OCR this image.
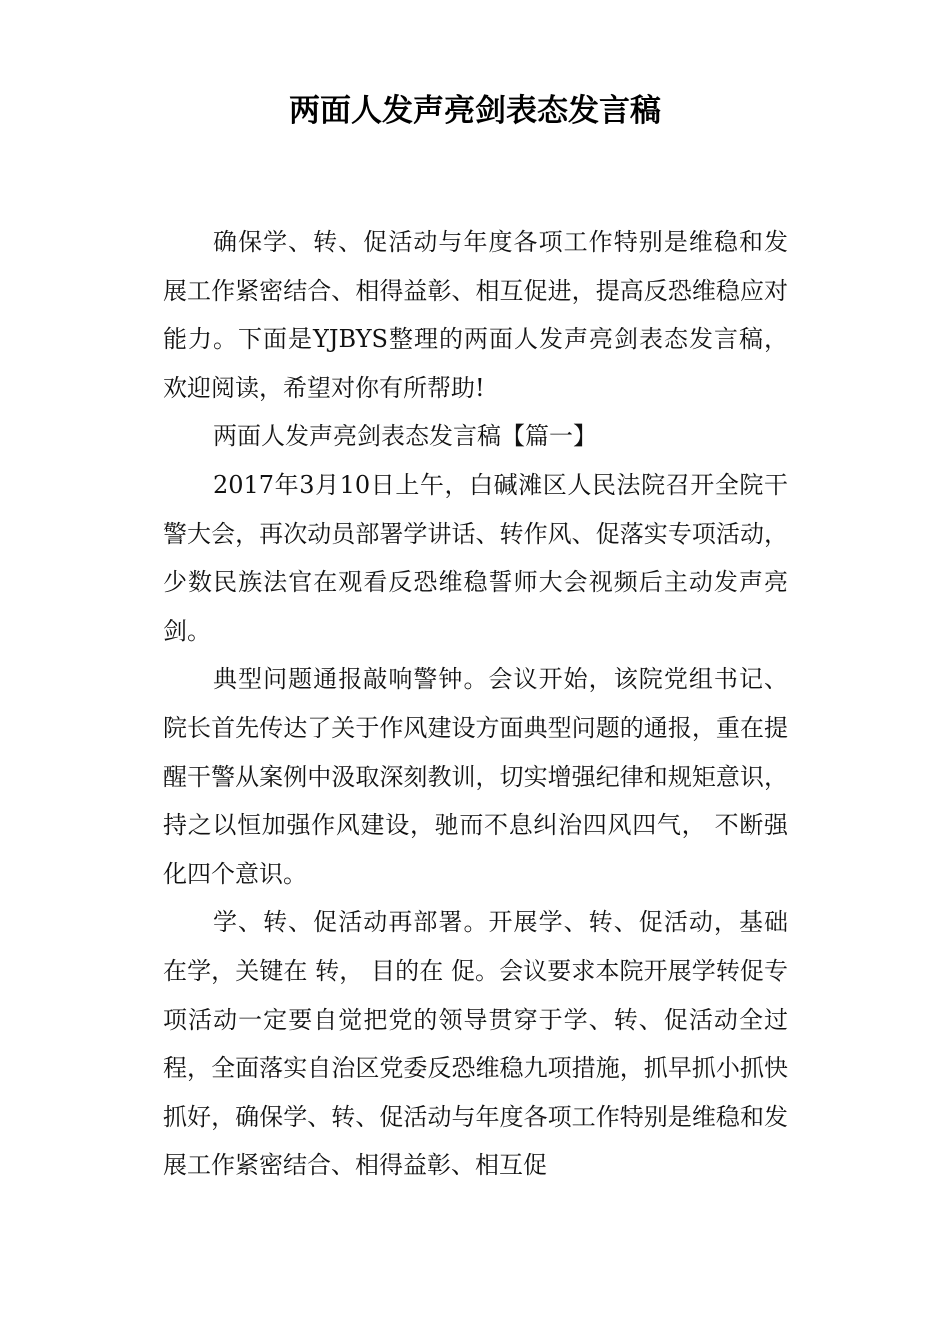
两面人发声亮剑表态发言稿

确保学、转、促活动与年度各项工作特别是维稳和发展工作紧密结合、相得益彰、相互促进，提高反恐维稳应对能力。下面是YJBYS整理的两面人发声亮剑表态发言稿，欢迎阅读，希望对你有所帮助!

两面人发声亮剑表态发言稿【篇一】

2017年3月10日上午，白碱滩区人民法院召开全院干警大会，再次动员部署学讲话、转作风、促落实专项活动，少数民族法官在观看反恐维稳誓师大会视频后主动发声亮剑。

典型问题通报敲响警钟。会议开始，该院党组书记、院长首先传达了关于作风建设方面典型问题的通报，重在提醒干警从案例中汲取深刻教训，切实增强纪律和规矩意识，持之以恒加强作风建设，驰而不息纠治四风四气， 不断强化四个意识。

学、转、促活动再部署。开展学、转、促活动，基础在学，关键在 转， 目的在 促。会议要求本院开展学转促专项活动一定要自觉把党的领导贯穿于学、转、促活动全过程，全面落实自治区党委反恐维稳九项措施，抓早抓小抓快抓好，确保学、转、促活动与年度各项工作特别是维稳和发展工作紧密结合、相得益彰、相互促
